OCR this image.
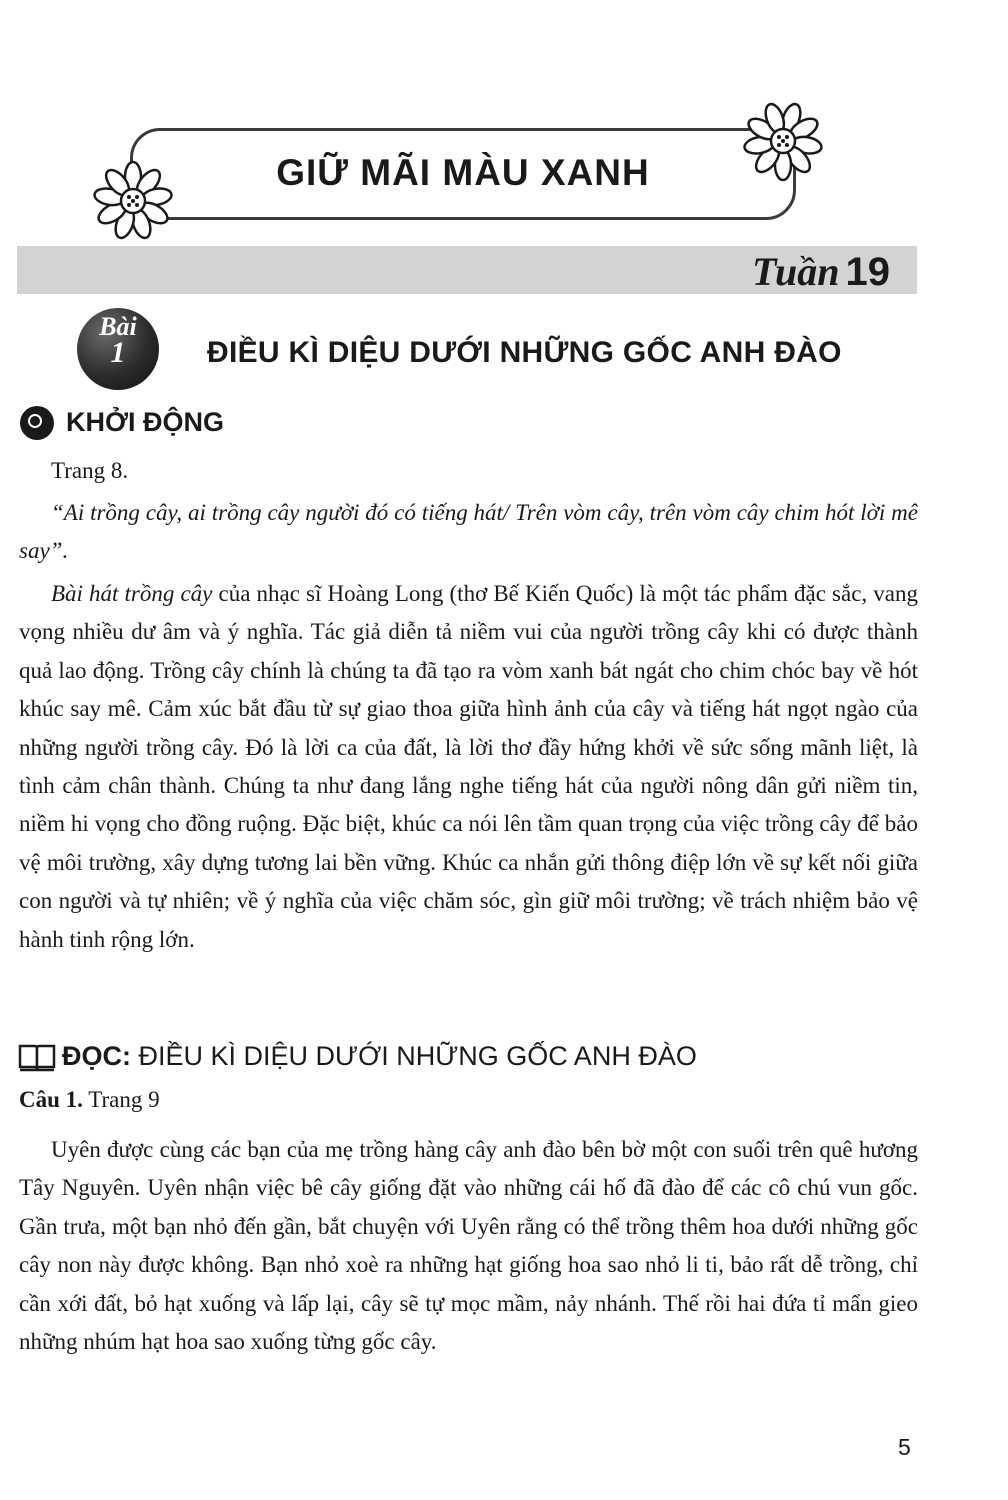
GIỮ MÃI MÀU XANH
Tuần 19
Bài
1	ĐIỀU KÌ DIỆU DƯỚI NHỮNG GỐC ANH ĐÀO
KHỞI ĐỘNG
Trang 8.
“Ai trồng cây, ai trồng cây người đó có tiếng hát/ Trên vòm cây, trên vòm cây chim hót lời mê say”.
Bài hát trồng cây của nhạc sĩ Hoàng Long (thơ Bế Kiến Quốc) là một tác phẩm đặc sắc, vang vọng nhiều dư âm và ý nghĩa. Tác giả diễn tả niềm vui của người trồng cây khi có được thành quả lao động. Trồng cây chính là chúng ta đã tạo ra vòm xanh bát ngát cho chim chóc bay về hót khúc say mê. Cảm xúc bắt đầu từ sự giao thoa giữa hình ảnh của cây và tiếng hát ngọt ngào của những người trồng cây. Đó là lời ca của đất, là lời thơ đầy hứng khởi về sức sống mãnh liệt, là tình cảm chân thành. Chúng ta như đang lắng nghe tiếng hát của người nông dân gửi niềm tin, niềm hi vọng cho đồng ruộng. Đặc biệt, khúc ca nói lên tầm quan trọng của việc trồng cây để bảo vệ môi trường, xây dựng tương lai bền vững. Khúc ca nhắn gửi thông điệp lớn về sự kết nối giữa con người và tự nhiên; về ý nghĩa của việc chăm sóc, gìn giữ môi trường; về trách nhiệm bảo vệ hành tinh rộng lớn.
ĐỌC: ĐIỀU KÌ DIỆU DƯỚI NHỮNG GỐC ANH ĐÀO
Câu 1. Trang 9
Uyên được cùng các bạn của mẹ trồng hàng cây anh đào bên bờ một con suối trên quê hương Tây Nguyên. Uyên nhận việc bê cây giống đặt vào những cái hố đã đào để các cô chú vun gốc. Gần trưa, một bạn nhỏ đến gần, bắt chuyện với Uyên rằng có thể trồng thêm hoa dưới những gốc cây non này được không. Bạn nhỏ xoè ra những hạt giống hoa sao nhỏ li ti, bảo rất dễ trồng, chỉ cần xới đất, bỏ hạt xuống và lấp lại, cây sẽ tự mọc mầm, nảy nhánh. Thế rồi hai đứa tỉ mẩn gieo những nhúm hạt hoa sao xuống từng gốc cây.
5
